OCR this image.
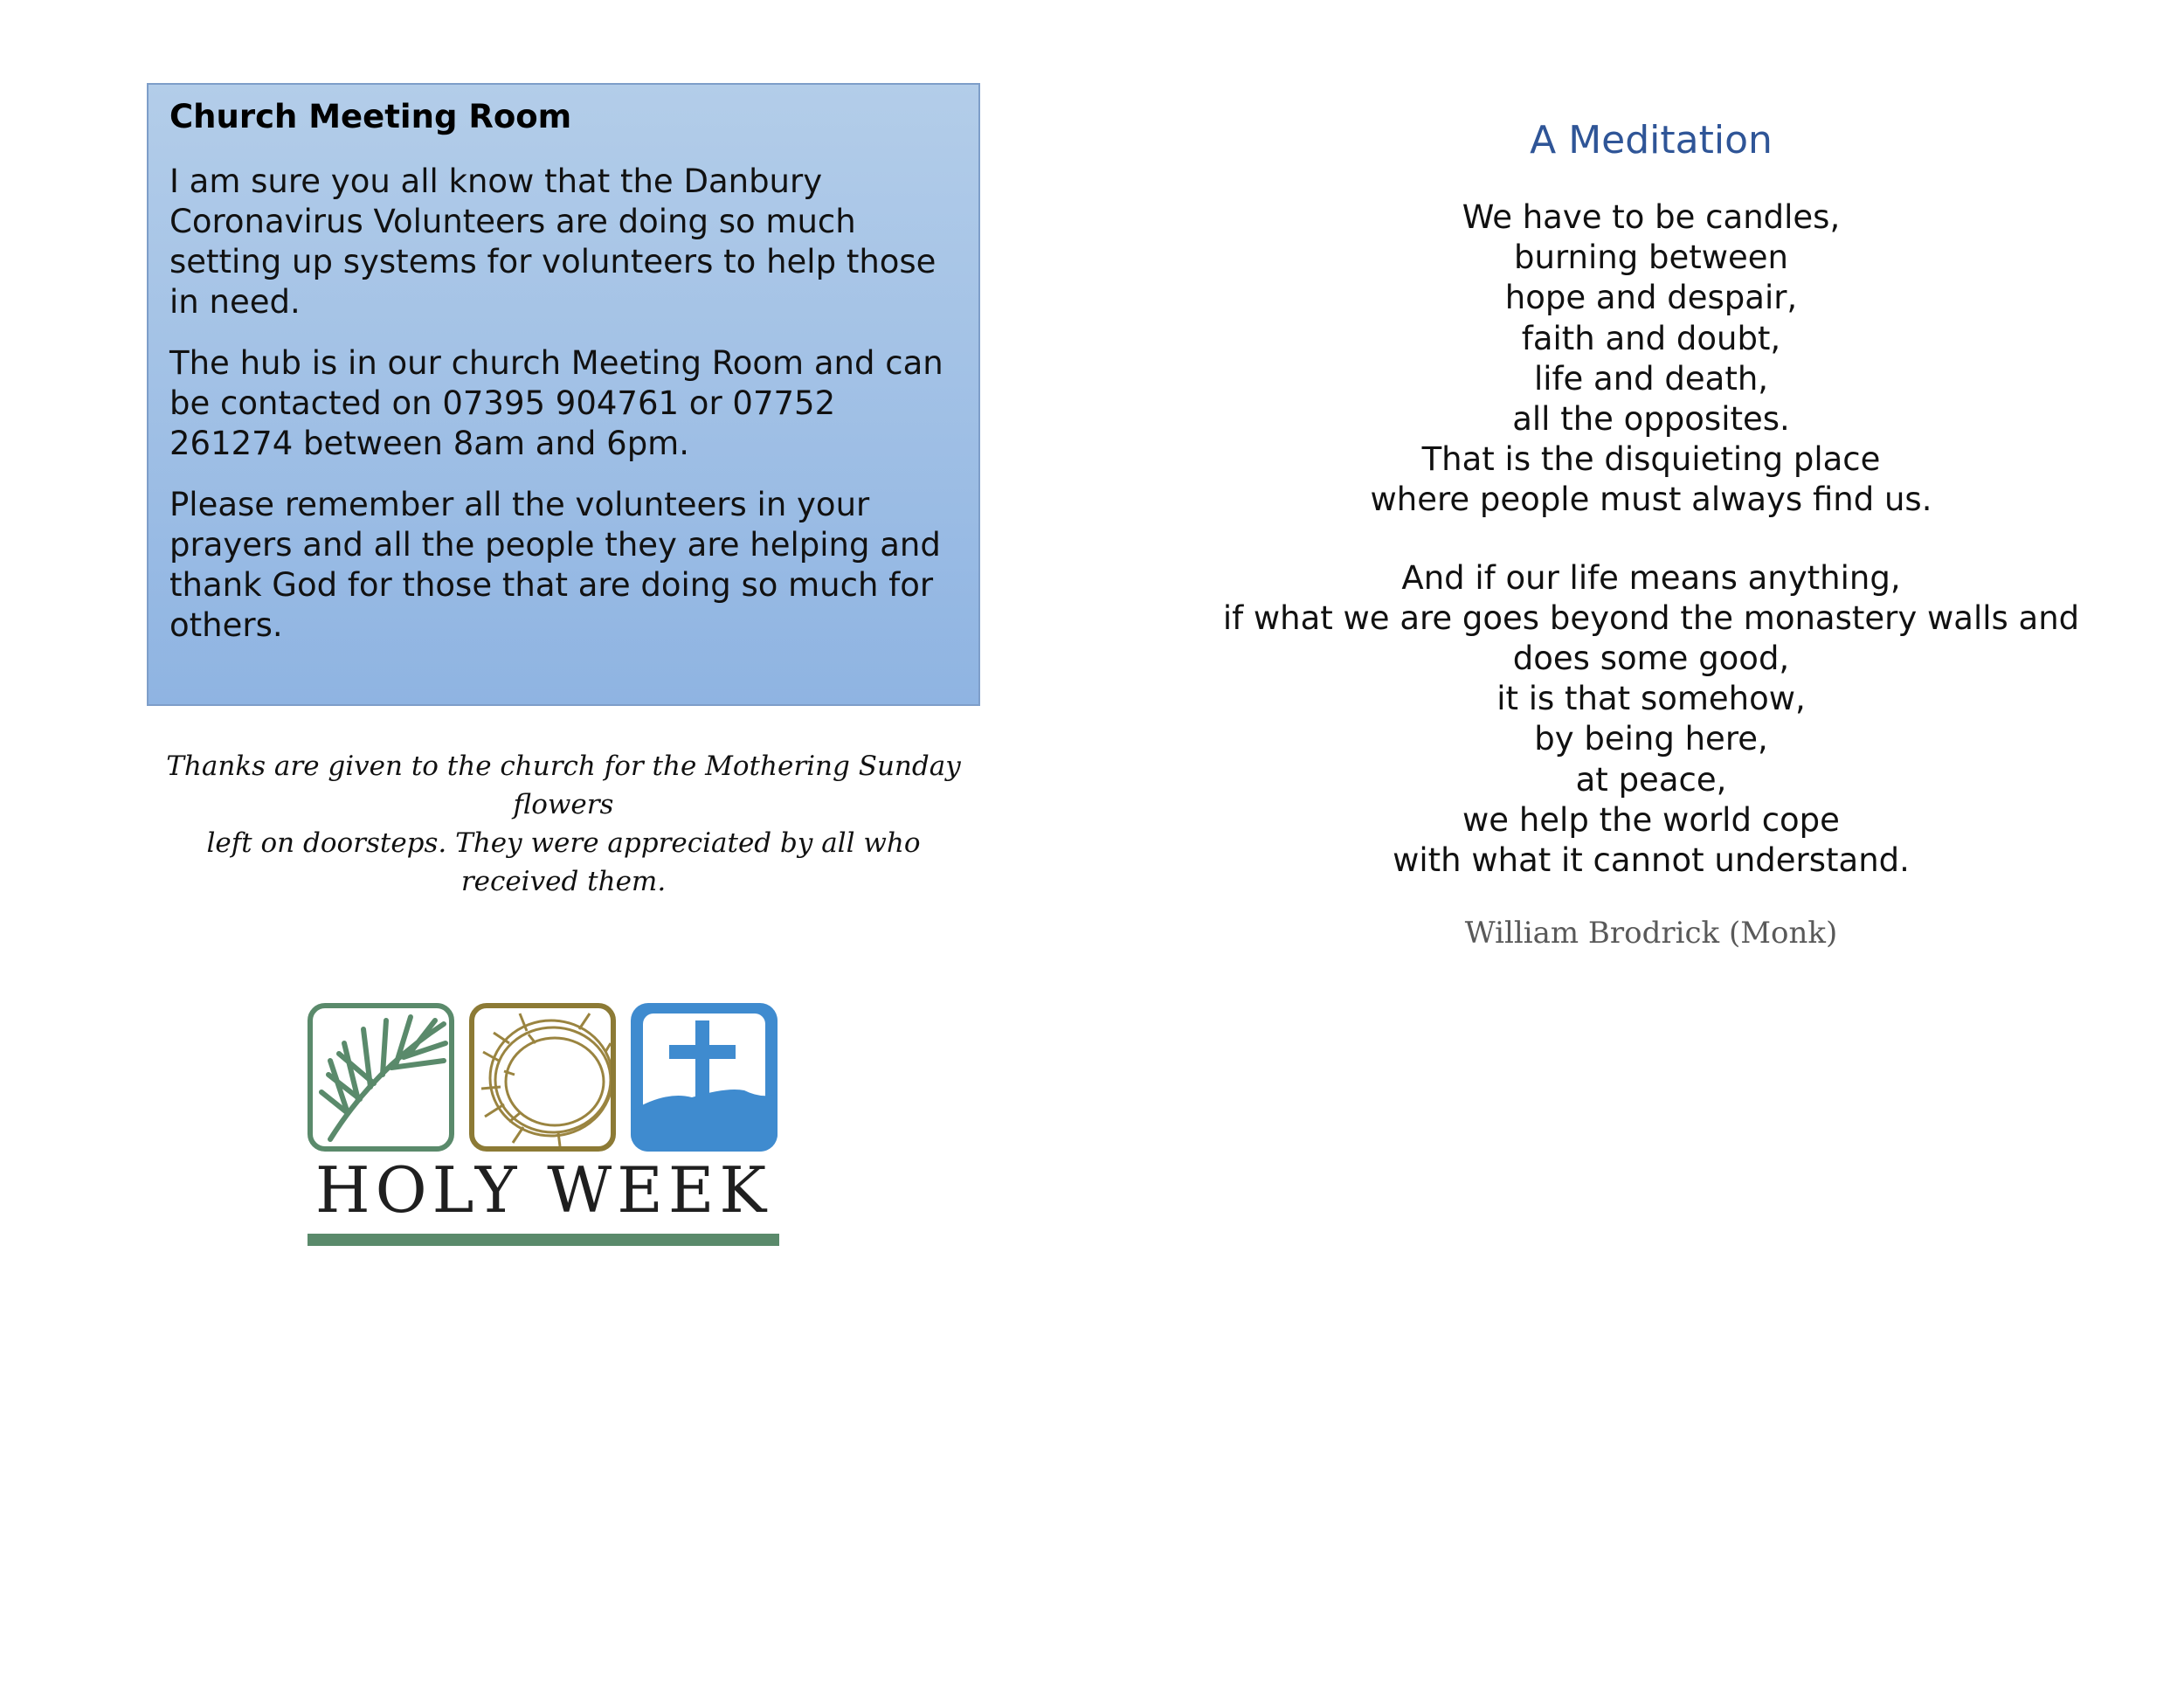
Church Meeting Room

I am sure you all know that the Danbury Coronavirus Volunteers are doing so much setting up systems for volunteers to help those in need.

The hub is in our church Meeting Room and can be contacted on 07395 904761 or 07752 261274 between 8am and 6pm.

Please remember all the volunteers in your prayers and all the people they are helping and thank God for those that are doing so much for others.

Thanks are given to the church for the Mothering Sunday flowers
left on doorsteps. They were appreciated by all who received them.
HOLY WEEK
A Meditation
We have to be candles,
burning between
hope and despair,
faith and doubt,
life and death,
all the opposites.
That is the disquieting place
where people must always find us.
And if our life means anything,
if what we are goes beyond the monastery walls and
does some good,
it is that somehow,
by being here,
at peace,
we help the world cope
with what it cannot understand.
William Brodrick (Monk)
